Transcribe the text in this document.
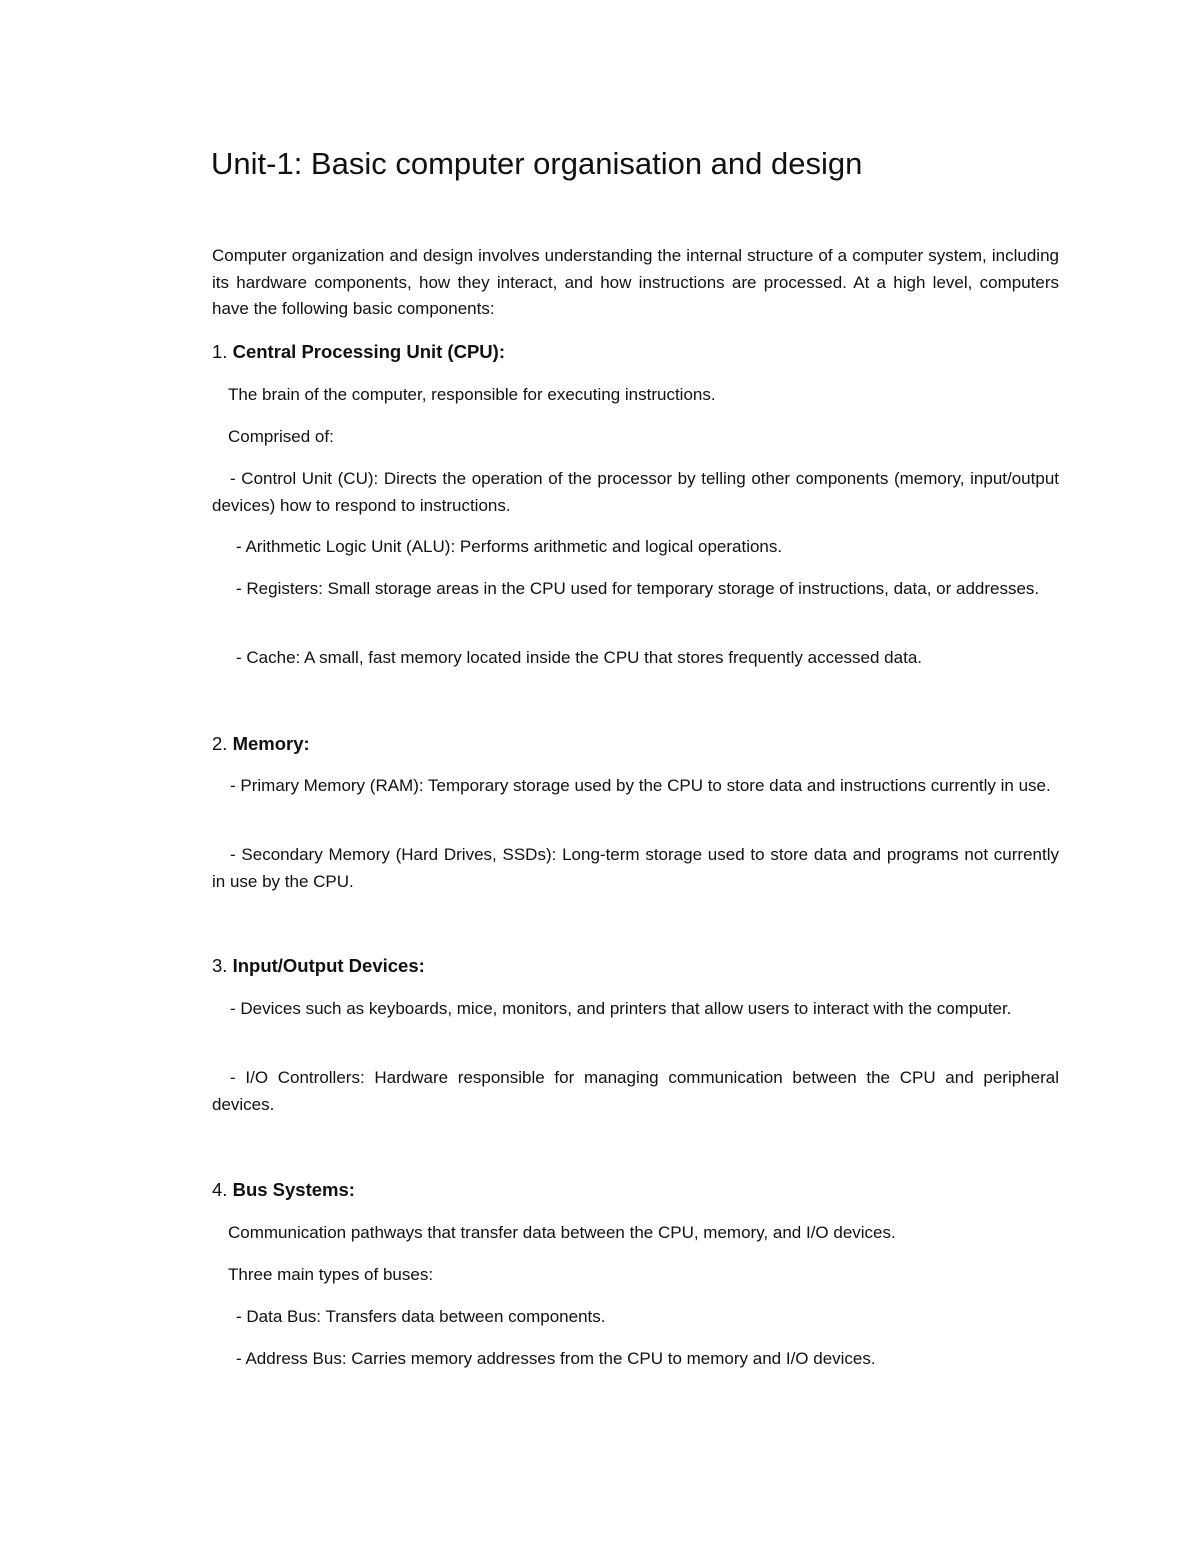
Unit-1: Basic computer organisation and design

Computer organization and design involves understanding the internal structure of a computer system, including its hardware components, how they interact, and how instructions are processed. At a high level, computers have the following basic components:

1. Central Processing Unit (CPU):

The brain of the computer, responsible for executing instructions.

Comprised of:

- Control Unit (CU): Directs the operation of the processor by telling other components (memory, input/output devices) how to respond to instructions.

- Arithmetic Logic Unit (ALU): Performs arithmetic and logical operations.

- Registers: Small storage areas in the CPU used for temporary storage of instructions, data, or addresses.

- Cache: A small, fast memory located inside the CPU that stores frequently accessed data.

2. Memory:

- Primary Memory (RAM): Temporary storage used by the CPU to store data and instructions currently in use.

- Secondary Memory (Hard Drives, SSDs): Long-term storage used to store data and programs not currently in use by the CPU.

3. Input/Output Devices:

- Devices such as keyboards, mice, monitors, and printers that allow users to interact with the computer.

- I/O Controllers: Hardware responsible for managing communication between the CPU and peripheral devices.

4. Bus Systems:

Communication pathways that transfer data between the CPU, memory, and I/O devices.

Three main types of buses:

- Data Bus: Transfers data between components.

- Address Bus: Carries memory addresses from the CPU to memory and I/O devices.
